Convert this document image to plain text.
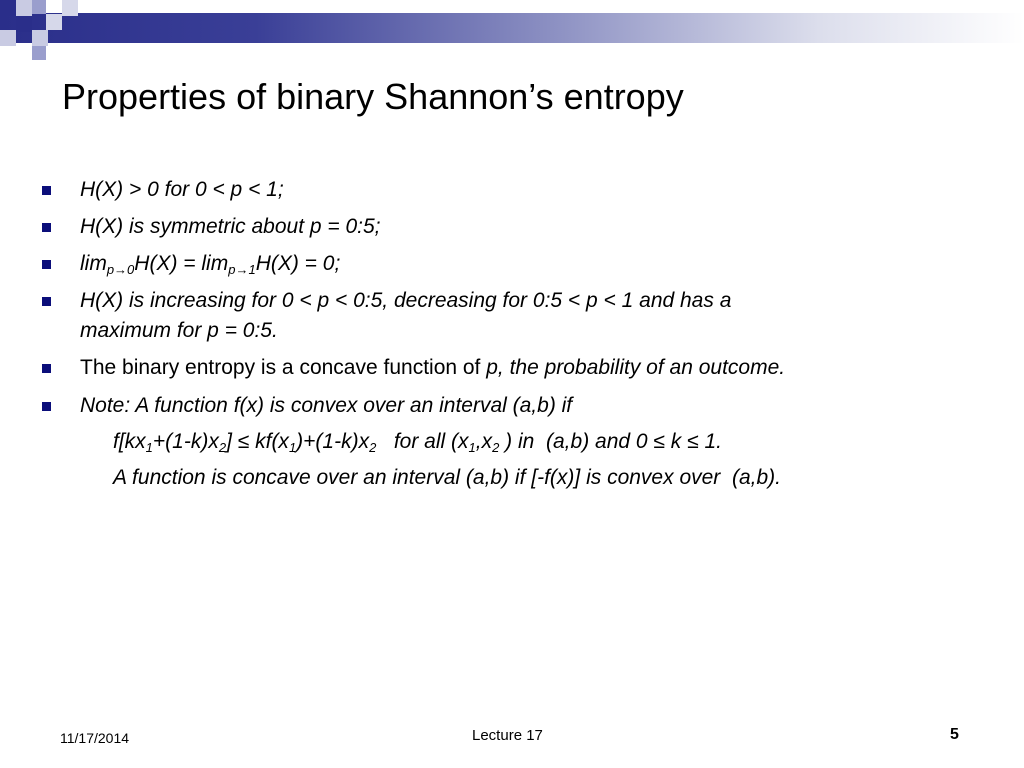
Properties of binary Shannon’s entropy
H(X) > 0 for 0 < p < 1;
H(X) is symmetric about p = 0:5;
$\lim_{p\to 0}H(X) = \lim_{p\to 1}H(X) = 0$;
H(X) is increasing for 0 < p < 0:5, decreasing for 0:5 < p < 1 and has a
maximum for p = 0:5.
The binary entropy is a concave function of p, the probability of an outcome.
Note: A function f(x) is convex over an interval (a,b) if
$f[kx_1+(1-k)x_2] \le kf(x_1)+(1-k)x_2$   for all ($x_1,x_2$ ) in  (a,b) and 0 ≤ k ≤ 1.
A function is concave over an interval (a,b) if [-f(x)] is convex over  (a,b).
11/17/2014	Lecture 17	5
